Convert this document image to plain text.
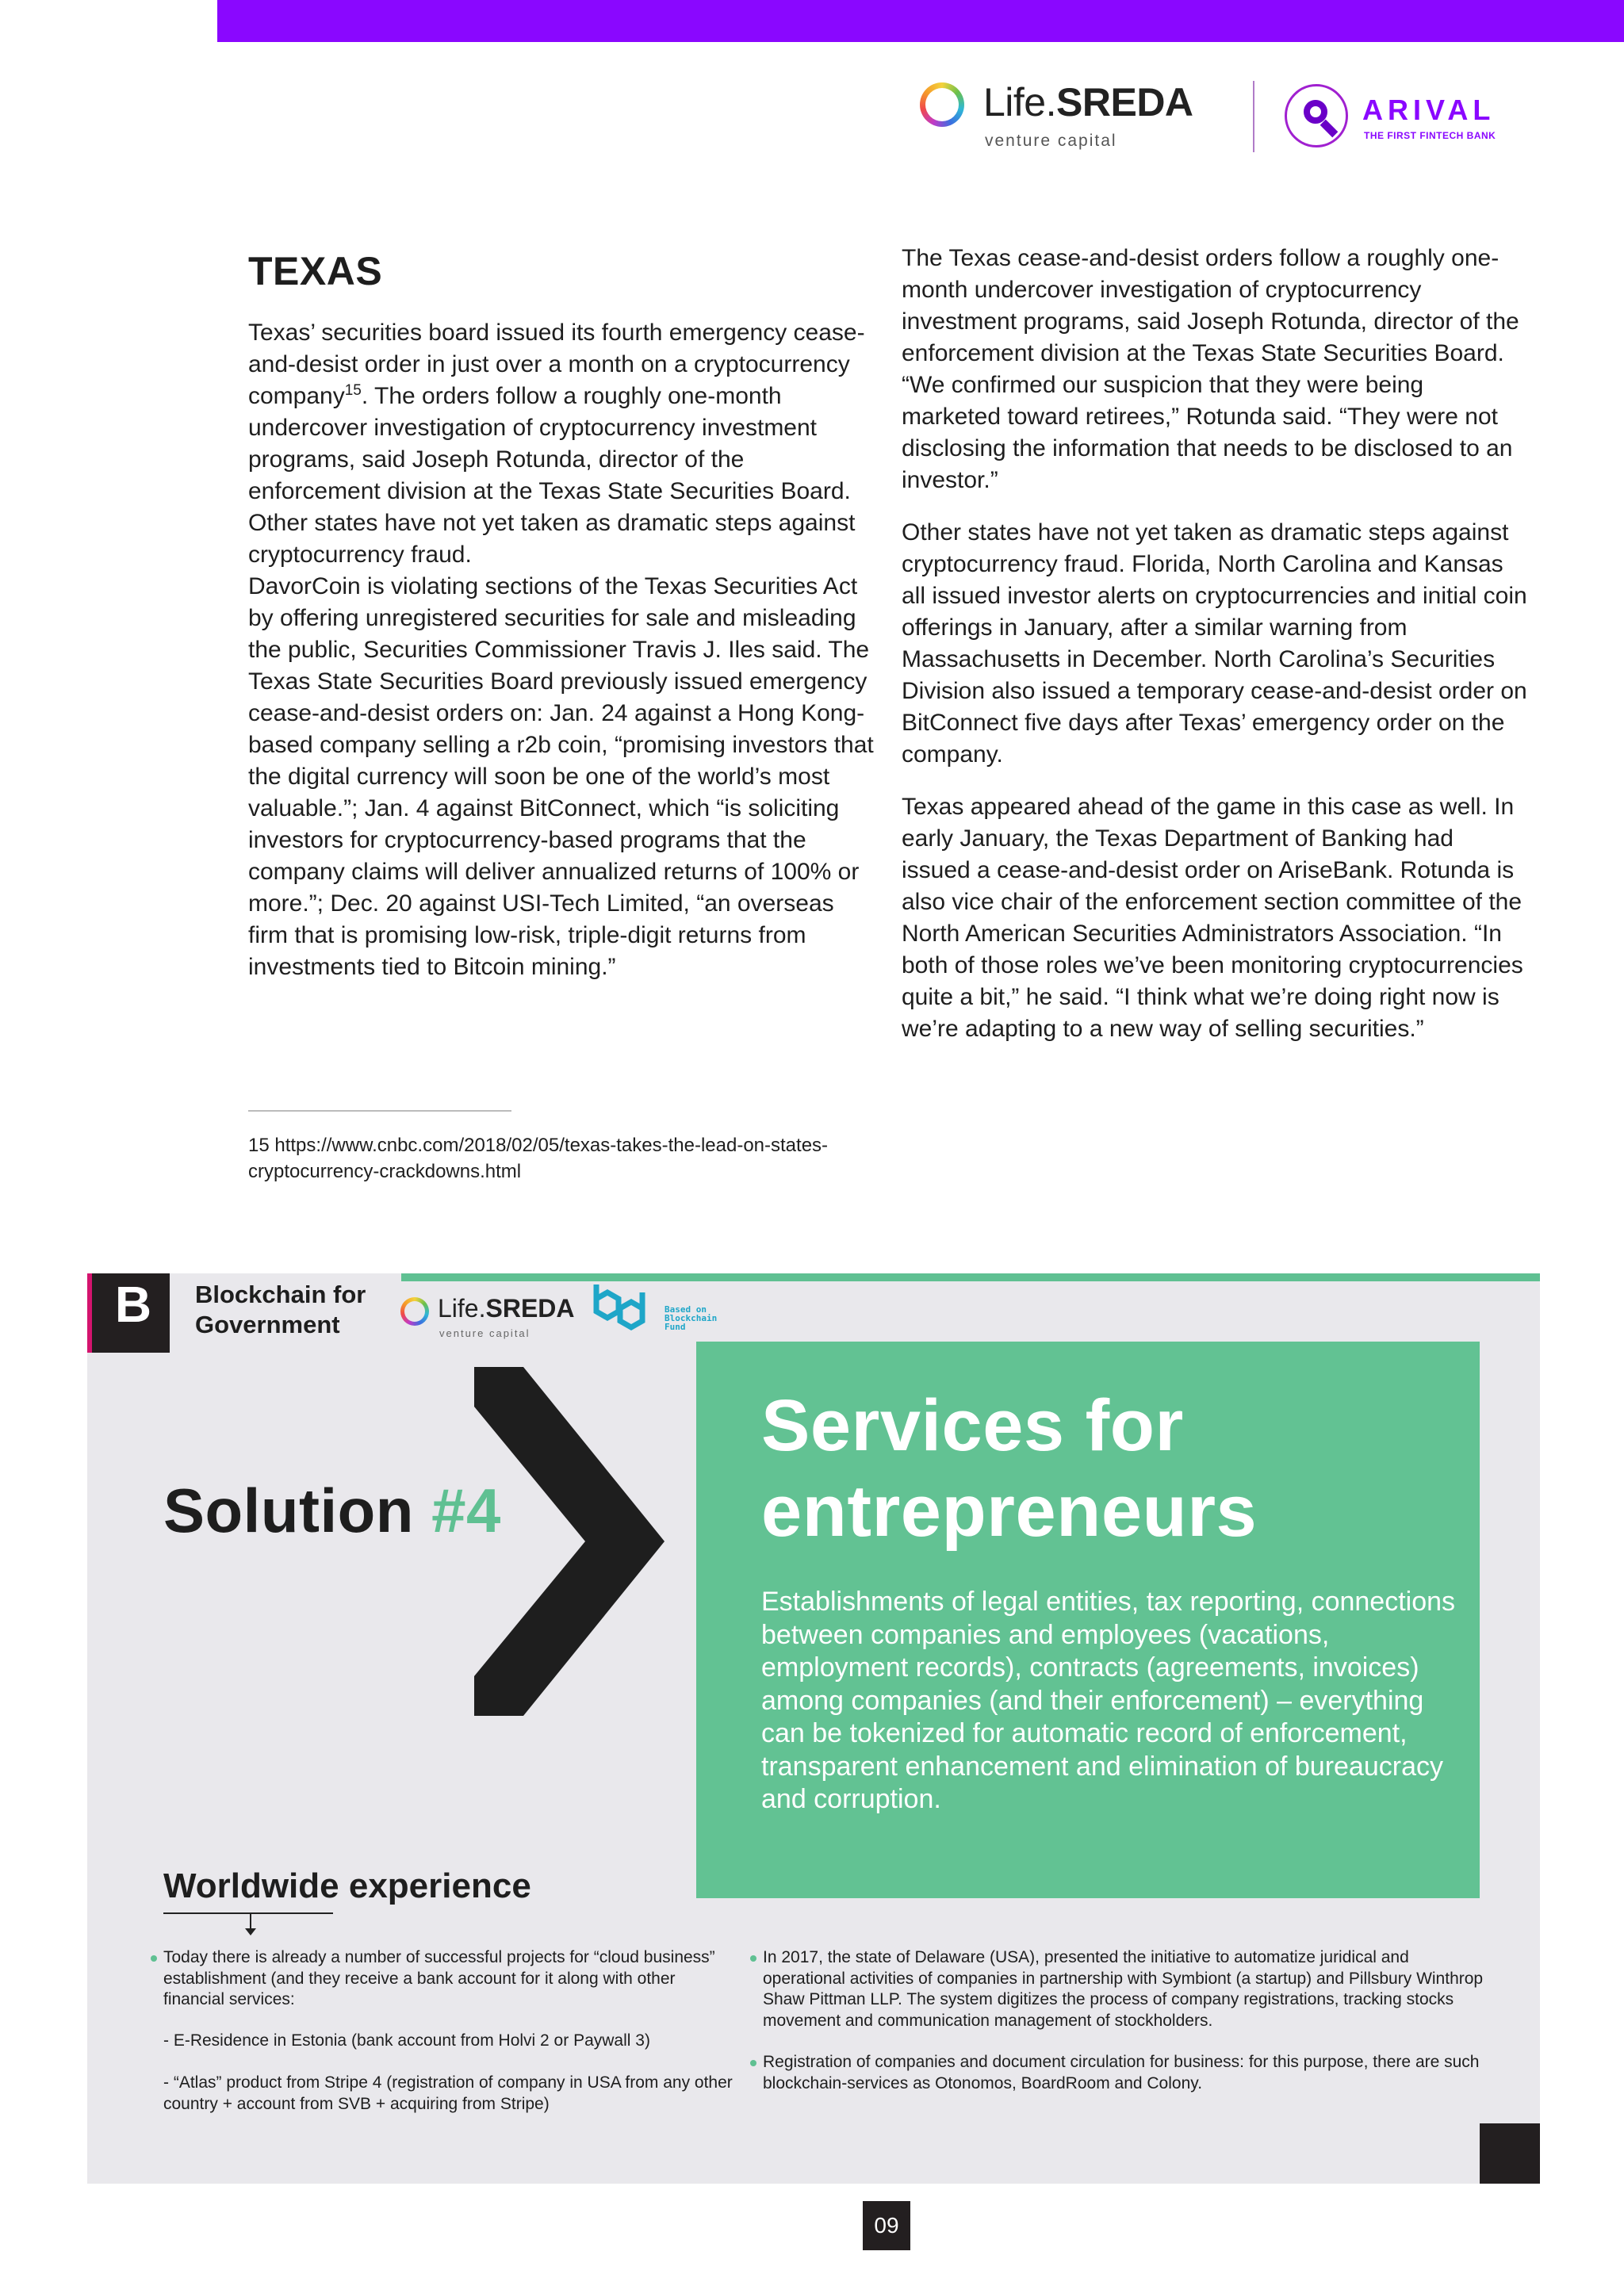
Life.SREDA
venture capital
ARIVAL
THE FIRST FINTECH BANK
TEXAS

Texas’ securities board issued its fourth emergency cease-and-desist order in just over a month on a cryptocurrency company$^{15}$. The orders follow a roughly one-month undercover investigation of cryptocurrency investment programs, said Joseph Rotunda, director of the enforcement division at the Texas State Securities Board. Other states have not yet taken as dramatic steps against cryptocurrency fraud.

DavorCoin is violating sections of the Texas Securities Act by offering unregistered securities for sale and misleading the public, Securities Commissioner Travis J. Iles said. The Texas State Securities Board previously issued emergency cease-and-desist orders on: Jan. 24 against a Hong Kong-based company selling a r2b coin, “promising investors that the digital currency will soon be one of the world’s most valuable.”; Jan. 4 against BitConnect, which “is soliciting investors for cryptocurrency-based programs that the company claims will deliver annualized returns of 100% or more.”; Dec. 20 against USI-Tech Limited, “an overseas firm that is promising low-risk, triple-digit returns from investments tied to Bitcoin mining.”

The Texas cease-and-desist orders follow a roughly one-month undercover investigation of cryptocurrency investment programs, said Joseph Rotunda, director of the enforcement division at the Texas State Securities Board. “We confirmed our suspicion that they were being marketed toward retirees,” Rotunda said. “They were not disclosing the information that needs to be disclosed to an investor.”

Other states have not yet taken as dramatic steps against cryptocurrency fraud. Florida, North Carolina and Kansas all issued investor alerts on cryptocurrencies and initial coin offerings in January, after a similar warning from Massachusetts in December. North Carolina’s Securities Division also issued a temporary cease-and-desist order on BitConnect five days after Texas’ emergency order on the company.

Texas appeared ahead of the game in this case as well. In early January, the Texas Department of Banking had issued a cease-and-desist order on AriseBank. Rotunda is also vice chair of the enforcement section committee of the North American Securities Administrators Association. “In both of those roles we’ve been monitoring cryptocurrencies quite a bit,” he said. “I think what we’re doing right now is we’re adapting to a new way of selling securities.”

15 https://www.cnbc.com/2018/02/05/texas-takes-the-lead-on-states-cryptocurrency-crackdowns.html
B	Blockchain for Government
Life.SREDA
venture capital
Based on Blockchain Fund
Solution #4
Services for entrepreneurs
Establishments of legal entities, tax reporting, connections between companies and employees (vacations, employment records), contracts (agreements, invoices) among companies (and their enforcement) – everything can be tokenized for automatic record of enforcement, transparent enhancement and elimination of bureaucracy and corruption.
Worldwide experience
Today there is already a number of successful projects for “cloud business” establishment (and they receive a bank account for it along with other financial services:
- E-Residence in Estonia (bank account from Holvi 2 or Paywall 3)
- “Atlas” product from Stripe 4 (registration of company in USA from any other country + account from SVB + acquiring from Stripe)
In 2017, the state of Delaware (USA), presented the initiative to automatize juridical and operational activities of companies in partnership with Symbiont (a startup) and Pillsbury Winthrop Shaw Pittman LLP. The system digitizes the process of company registrations, tracking stocks movement and communication management of stockholders.
Registration of companies and document circulation for business: for this purpose, there are such blockchain-services as Otonomos, BoardRoom and Colony.
09
